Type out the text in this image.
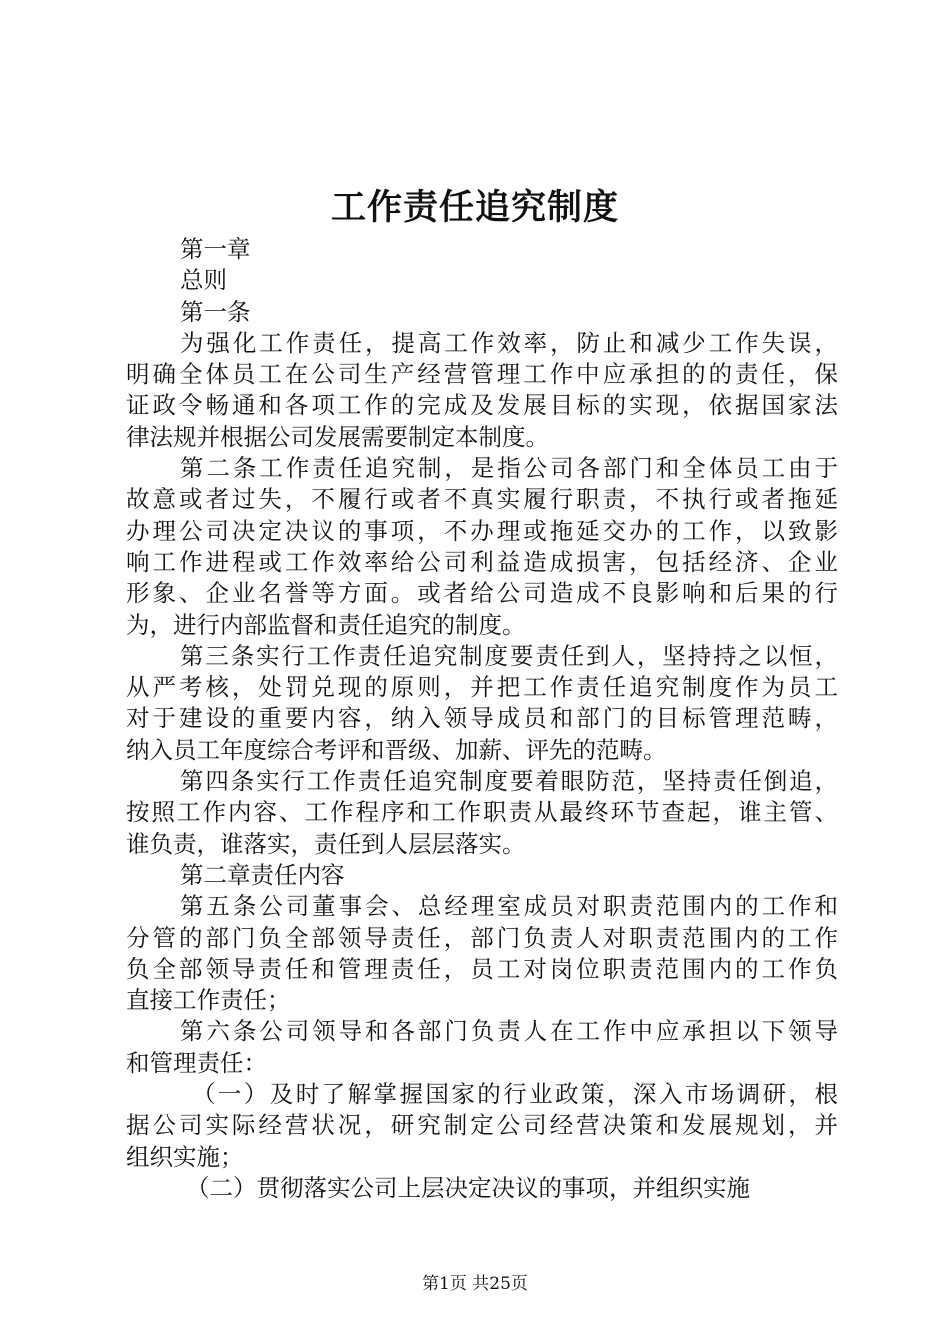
工作责任追究制度

第一章

总则

第一条

为强化工作责任，提高工作效率，防止和减少工作失误，

明确全体员工在公司生产经营管理工作中应承担的的责任，保

证政令畅通和各项工作的完成及发展目标的实现，依据国家法

律法规并根据公司发展需要制定本制度。

第二条工作责任追究制，是指公司各部门和全体员工由于

故意或者过失，不履行或者不真实履行职责，不执行或者拖延

办理公司决定决议的事项，不办理或拖延交办的工作，以致影

响工作进程或工作效率给公司利益造成损害，包括经济、企业

形象、企业名誉等方面。或者给公司造成不良影响和后果的行

为，进行内部监督和责任追究的制度。

第三条实行工作责任追究制度要责任到人，坚持持之以恒，

从严考核，处罚兑现的原则，并把工作责任追究制度作为员工

对于建设的重要内容，纳入领导成员和部门的目标管理范畴，

纳入员工年度综合考评和晋级、加薪、评先的范畴。

第四条实行工作责任追究制度要着眼防范，坚持责任倒追，

按照工作内容、工作程序和工作职责从最终环节查起，谁主管、

谁负责，谁落实，责任到人层层落实。

第二章责任内容

第五条公司董事会、总经理室成员对职责范围内的工作和

分管的部门负全部领导责任，部门负责人对职责范围内的工作

负全部领导责任和管理责任，员工对岗位职责范围内的工作负

直接工作责任；

第六条公司领导和各部门负责人在工作中应承担以下领导

和管理责任：

（一）及时了解掌握国家的行业政策，深入市场调研，根

据公司实际经营状况，研究制定公司经营决策和发展规划，并

组织实施；

（二）贯彻落实公司上层决定决议的事项，并组织实施

第1页 共25页
